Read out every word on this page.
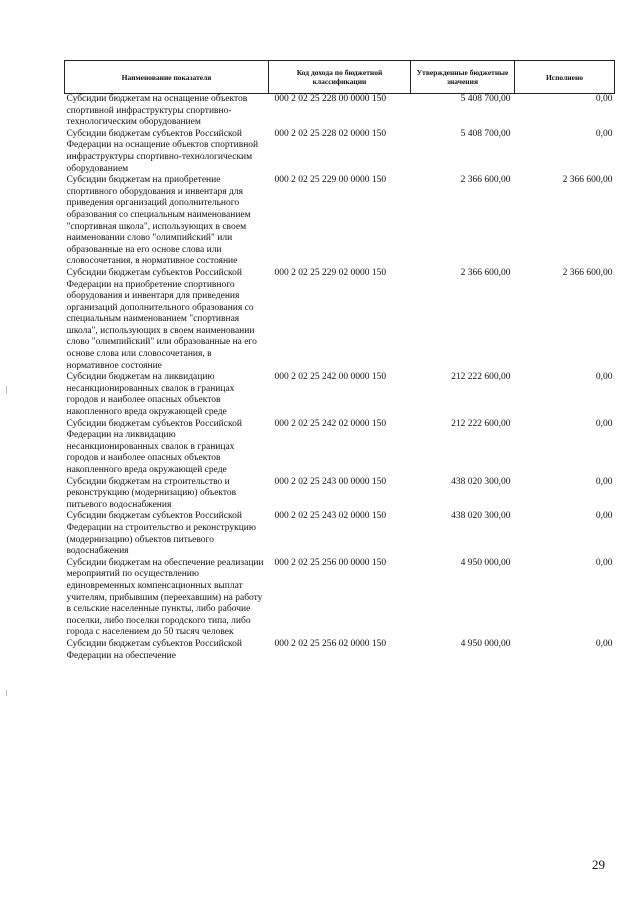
Наименование показателя	Код дохода по бюджетной классификации	Утвержденные бюджетные значения	Исполнено
Субсидии бюджетам на оснащение объектов спортивной инфраструктуры спортивно-технологическим оборудованием	000 2 02 25 228 00 0000 150	5 408 700,00	0,00
Субсидии бюджетам субъектов Российской Федерации на оснащение объектов спортивной инфраструктуры спортивно-технологическим оборудованием	000 2 02 25 228 02 0000 150	5 408 700,00	0,00
Субсидии бюджетам на приобретение спортивного оборудования и инвентаря для приведения организаций дополнительного образования со специальным наименованием "спортивная школа", использующих в своем наименовании слово "олимпийский" или образованные на его основе слова или словосочетания, в нормативное состояние	000 2 02 25 229 00 0000 150	2 366 600,00	2 366 600,00
Субсидии бюджетам субъектов Российской Федерации на приобретение спортивного оборудования и инвентаря для приведения организаций дополнительного образования со специальным наименованием "спортивная школа", использующих в своем наименовании слово "олимпийский" или образованные на его основе слова или словосочетания, в нормативное состояние	000 2 02 25 229 02 0000 150	2 366 600,00	2 366 600,00
Субсидии бюджетам на ликвидацию несанкционированных свалок в границах городов и наиболее опасных объектов накопленного вреда окружающей среде	000 2 02 25 242 00 0000 150	212 222 600,00	0,00
Субсидии бюджетам субъектов Российской Федерации на ликвидацию несанкционированных свалок в границах городов и наиболее опасных объектов накопленного вреда окружающей среде	000 2 02 25 242 02 0000 150	212 222 600,00	0,00
Субсидии бюджетам на строительство и реконструкцию (модернизацию) объектов питьевого водоснабжения	000 2 02 25 243 00 0000 150	438 020 300,00	0,00
Субсидии бюджетам субъектов Российской Федерации на строительство и реконструкцию (модернизацию) объектов питьевого водоснабжения	000 2 02 25 243 02 0000 150	438 020 300,00	0,00
Субсидии бюджетам на обеспечение реализации мероприятий по осуществлению единовременных компенсационных выплат учителям, прибывшим (переехавшим) на работу в сельские населенные пункты, либо рабочие поселки, либо поселки городского типа, либо города с населением до 50 тысяч человек	000 2 02 25 256 00 0000 150	4 950 000,00	0,00
Субсидии бюджетам субъектов Российской Федерации на обеспечение	000 2 02 25 256 02 0000 150	4 950 000,00	0,00
29
